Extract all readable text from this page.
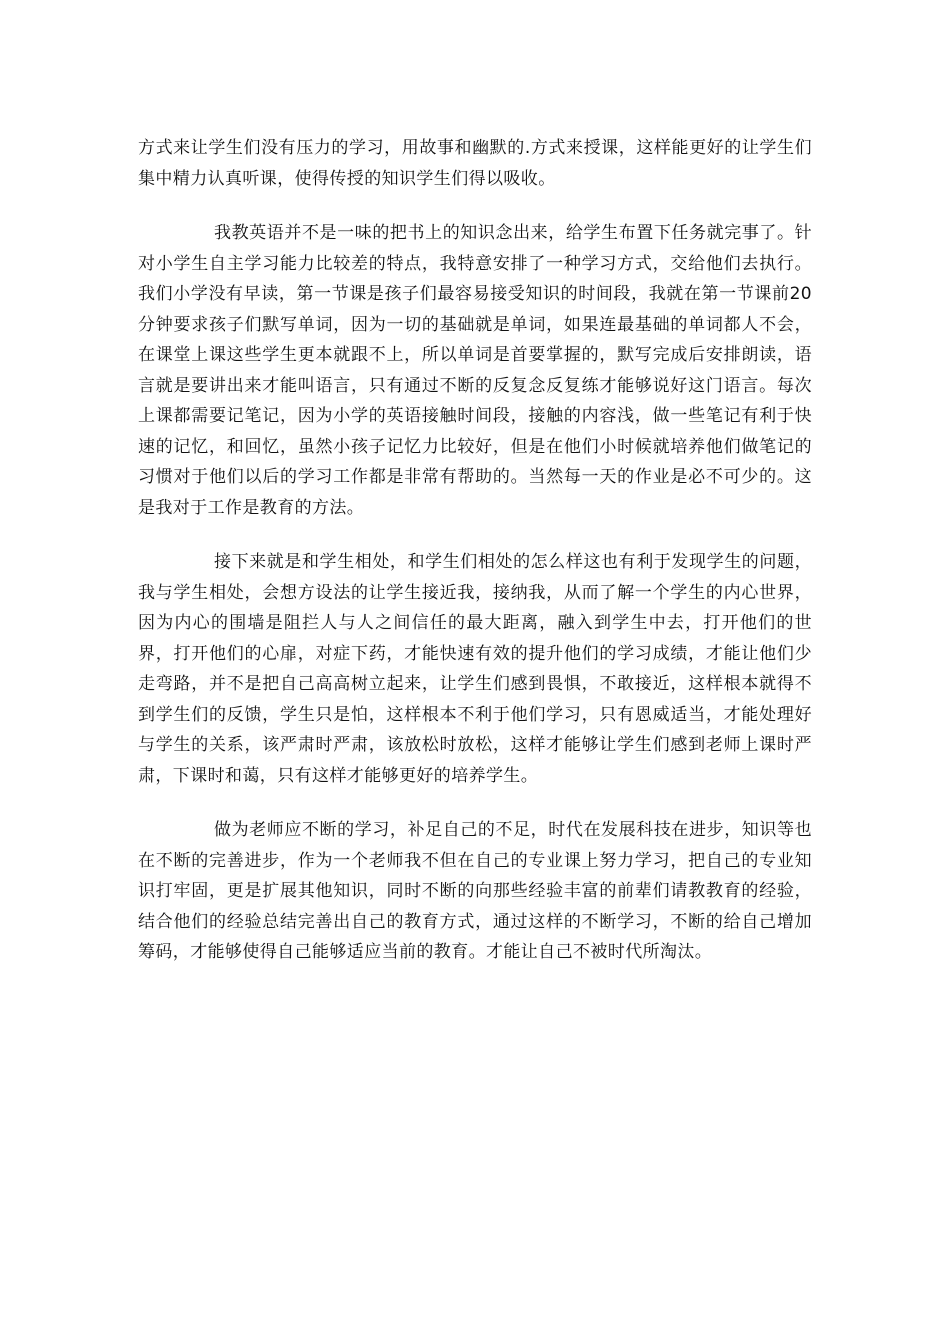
方式来让学生们没有压力的学习，用故事和幽默的.方式来授课，这样能更好的让学生们集中精力认真听课，使得传授的知识学生们得以吸收。

我教英语并不是一味的把书上的知识念出来，给学生布置下任务就完事了。针对小学生自主学习能力比较差的特点，我特意安排了一种学习方式，交给他们去执行。我们小学没有早读，第一节课是孩子们最容易接受知识的时间段，我就在第一节课前20分钟要求孩子们默写单词，因为一切的基础就是单词，如果连最基础的单词都人不会，在课堂上课这些学生更本就跟不上，所以单词是首要掌握的，默写完成后安排朗读，语言就是要讲出来才能叫语言，只有通过不断的反复念反复练才能够说好这门语言。每次上课都需要记笔记，因为小学的英语接触时间段，接触的内容浅，做一些笔记有利于快速的记忆，和回忆，虽然小孩子记忆力比较好，但是在他们小时候就培养他们做笔记的习惯对于他们以后的学习工作都是非常有帮助的。当然每一天的作业是必不可少的。这是我对于工作是教育的方法。

接下来就是和学生相处，和学生们相处的怎么样这也有利于发现学生的问题，我与学生相处，会想方设法的让学生接近我，接纳我，从而了解一个学生的内心世界，因为内心的围墙是阻拦人与人之间信任的最大距离，融入到学生中去，打开他们的世界，打开他们的心扉，对症下药，才能快速有效的提升他们的学习成绩，才能让他们少走弯路，并不是把自己高高树立起来，让学生们感到畏惧，不敢接近，这样根本就得不到学生们的反馈，学生只是怕，这样根本不利于他们学习，只有恩威适当，才能处理好与学生的关系，该严肃时严肃，该放松时放松，这样才能够让学生们感到老师上课时严肃，下课时和蔼，只有这样才能够更好的培养学生。

做为老师应不断的学习，补足自己的不足，时代在发展科技在进步，知识等也在不断的完善进步，作为一个老师我不但在自己的专业课上努力学习，把自己的专业知识打牢固，更是扩展其他知识，同时不断的向那些经验丰富的前辈们请教教育的经验，结合他们的经验总结完善出自己的教育方式，通过这样的不断学习，不断的给自己增加筹码，才能够使得自己能够适应当前的教育。才能让自己不被时代所淘汰。
